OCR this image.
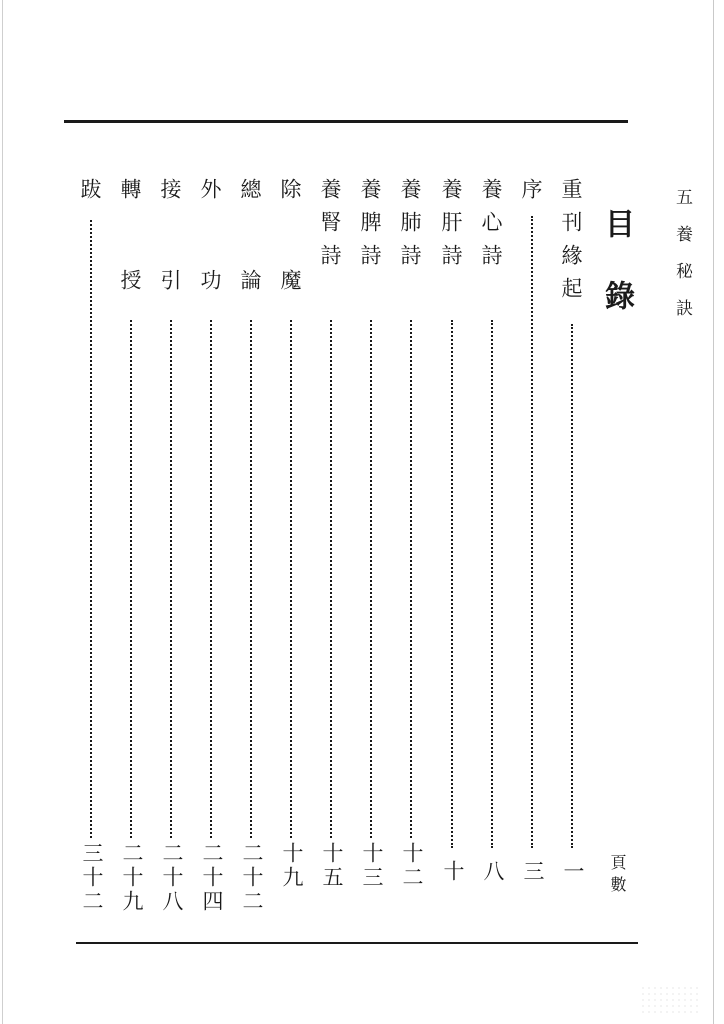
五養秘訣
目錄
重刊緣起
一
序
三
養心詩
八
養肝詩
十
養肺詩
十二
養脾詩
十三
養腎詩
十五
除魔
十九
總論
二十二
外功
二十四
接引
二十八
轉授
二十九
跋
三十二	頁數
